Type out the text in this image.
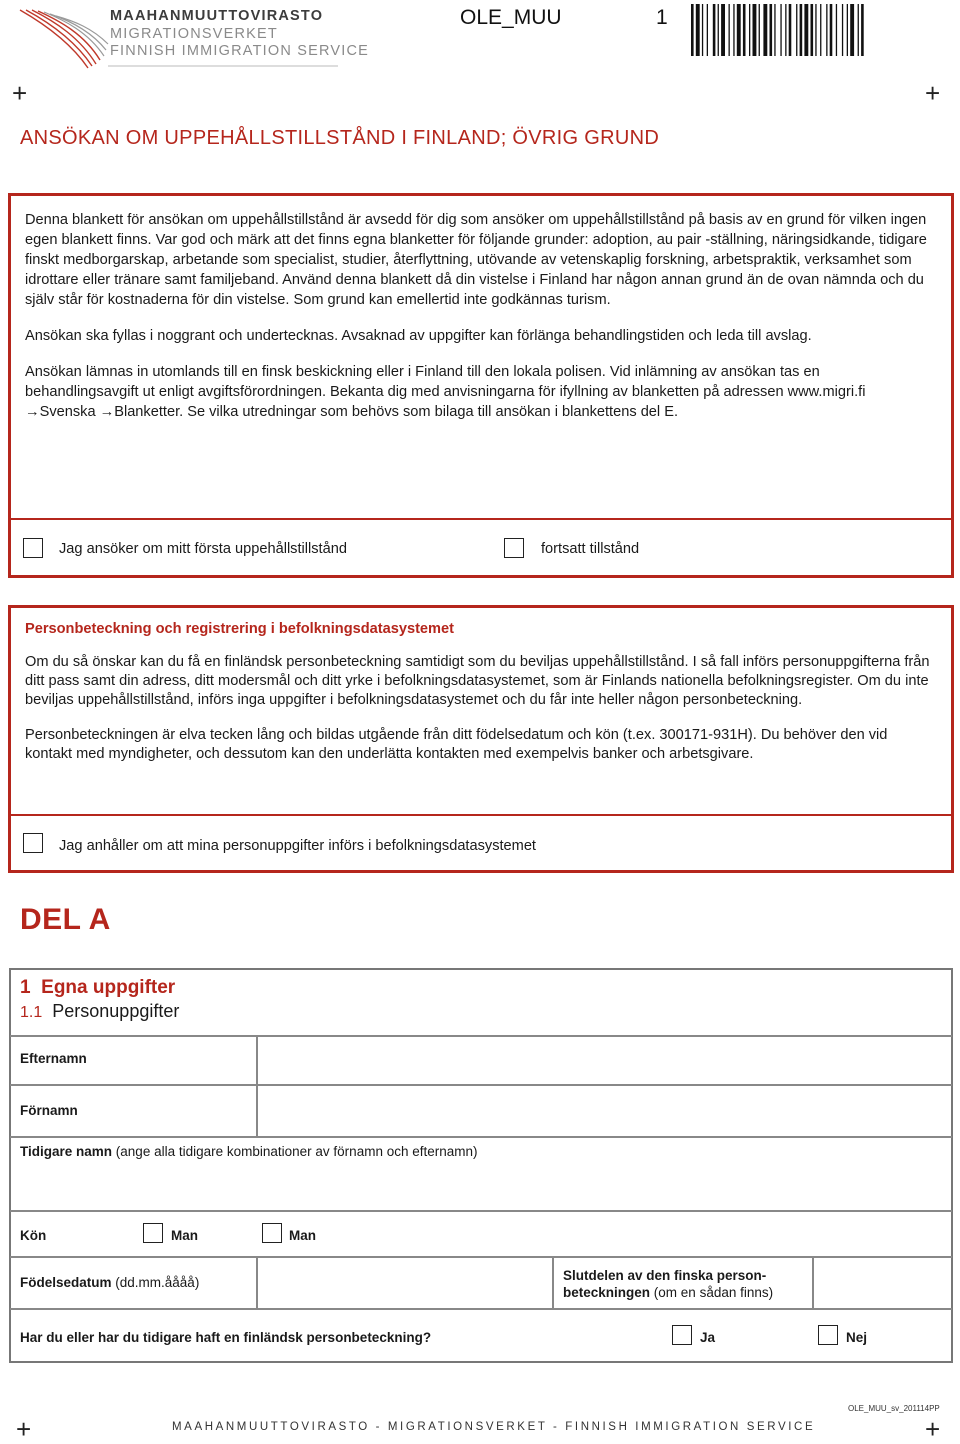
MAAHANMUUTTOVIRASTO
MIGRATIONSVERKET
FINNISH IMMIGRATION SERVICE
OLE_MUU	1
+	+
ANSÖKAN OM UPPEHÅLLSTILLSTÅND I FINLAND; ÖVRIG GRUND
Denna blankett för ansökan om uppehållstillstånd är avsedd för dig som ansöker om uppehållstillstånd på basis av en grund för vilken ingen egen blankett finns. Var god och märk att det finns egna blanketter för följande grunder: adoption, au pair -ställning, näringsidkande, tidigare finskt medborgarskap, arbetande som specialist, studier, återflyttning, utövande av vetenskaplig forskning, arbetspraktik, verksamhet som idrottare eller tränare samt familjeband. Använd denna blankett då din vistelse i Finland har någon annan grund än de ovan nämnda och du själv står för kostnaderna för din vistelse. Som grund kan emellertid inte godkännas turism.
Ansökan ska fyllas i noggrant och undertecknas. Avsaknad av uppgifter kan förlänga behandlingstiden och leda till avslag.
Ansökan lämnas in utomlands till en finsk beskickning eller i Finland till den lokala polisen. Vid inlämning av ansökan tas en behandlingsavgift ut enligt avgiftsförordningen. Bekanta dig med anvisningarna för ifyllning av blanketten på adressen www.migri.fi →Svenska →Blanketter. Se vilka utredningar som behövs som bilaga till ansökan i blankettens del E.
Jag ansöker om mitt första uppehållstillstånd	fortsatt tillstånd
Personbeteckning och registrering i befolkningsdatasystemet
Om du så önskar kan du få en finländsk personbeteckning samtidigt som du beviljas uppehållstillstånd. I så fall införs personuppgifterna från ditt pass samt din adress, ditt modersmål och ditt yrke i befolkningsdatasystemet, som är Finlands nationella befolkningsregister. Om du inte beviljas uppehållstillstånd, införs inga uppgifter i befolkningsdatasystemet och du får inte heller någon personbeteckning.
Personbeteckningen är elva tecken lång och bildas utgående från ditt födelsedatum och kön (t.ex. 300171-931H). Du behöver den vid kontakt med myndigheter, och dessutom kan den underlätta kontakten med exempelvis banker och arbetsgivare.
Jag anhåller om att mina personuppgifter införs i befolkningsdatasystemet
DEL A
1 Egna uppgifter
1.1 Personuppgifter
Efternamn
Förnamn
Tidigare namn (ange alla tidigare kombinationer av förnamn och efternamn)
Kön	Man	Man
Födelsedatum (dd.mm.åååå)	Slutdelen av den finska person-beteckningen (om en sådan finns)
Har du eller har du tidigare haft en finländsk personbeteckning?	Ja	Nej
OLE_MUU_sv_201114PP
+	MAAHANMUUTTOVIRASTO - MIGRATIONSVERKET - FINNISH IMMIGRATION SERVICE	+
